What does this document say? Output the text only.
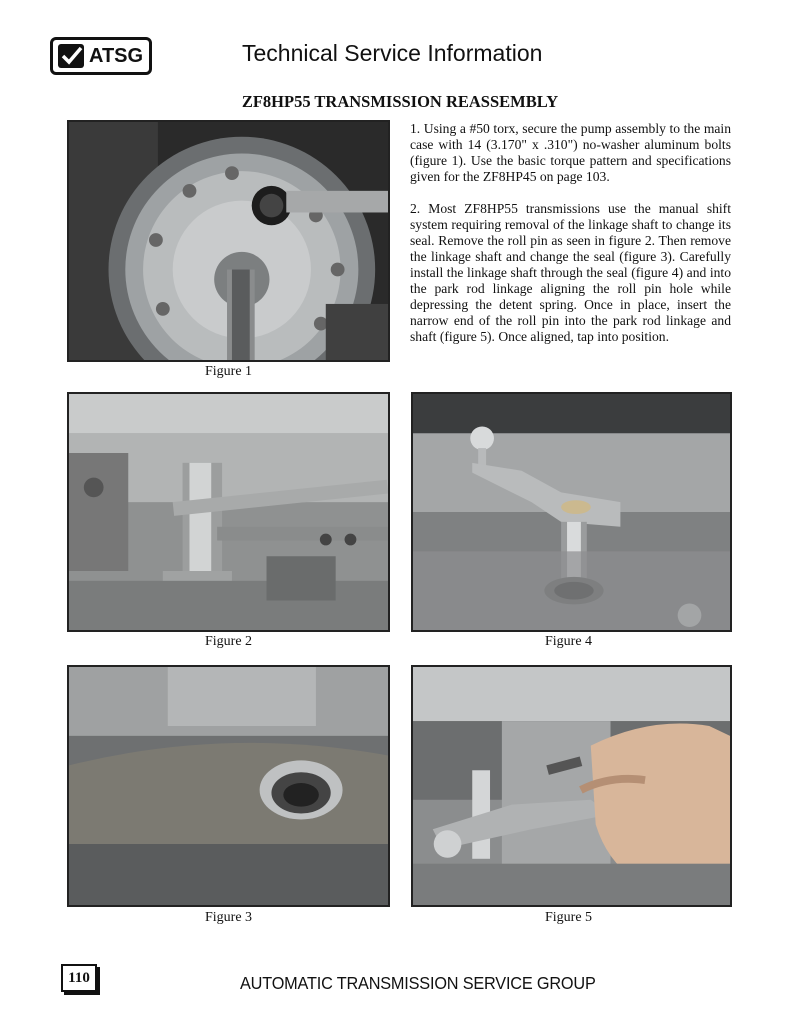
ATSG	Technical Service Information
ZF8HP55 TRANSMISSION REASSEMBLY
Figure 1

1. Using a #50 torx, secure the pump assembly to the main case with 14 (3.170" x .310") no-washer aluminum bolts (figure 1). Use the basic torque pattern and specifications given for the ZF8HP45 on page 103.

2. Most ZF8HP55 transmissions use the manual shift system requiring removal of the linkage shaft to change its seal. Remove the roll pin as seen in figure 2. Then remove the linkage shaft and change the seal (figure 3). Carefully install the linkage shaft through the seal (figure 4) and into the park rod linkage aligning the roll pin hole while depressing the detent spring. Once in place, insert the narrow end of the roll pin into the park rod linkage and shaft (figure 5). Once aligned, tap into position.

Figure 2	Figure 4
Figure 3	Figure 5
110	AUTOMATIC TRANSMISSION SERVICE GROUP
